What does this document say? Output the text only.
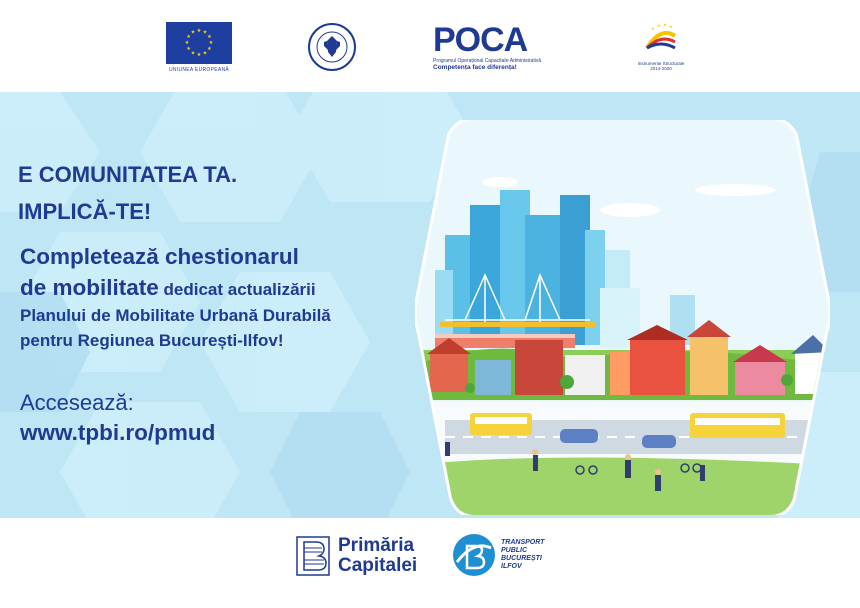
★ ★
★
★
★
★
★
★
★
★
★
★
UNIUNEA EUROPEANĂ
POCA
Programul Operațional Capacitate Administrativă
Competența face diferența!
★
★ ★ ★
Instrumente Structurale
2014-2020
E COMUNITATEA TA.
IMPLICĂ-TE!
Completează chestionarul
de mobilitate dedicat actualizării
Planului de Mobilitate Urbană Durabilă
pentru Regiunea București-Ilfov!
Accesează:
www.tpbi.ro/pmud
Primăria
Capitalei
TRANSPORT
PUBLIC
BUCUREȘTI
ILFOV
